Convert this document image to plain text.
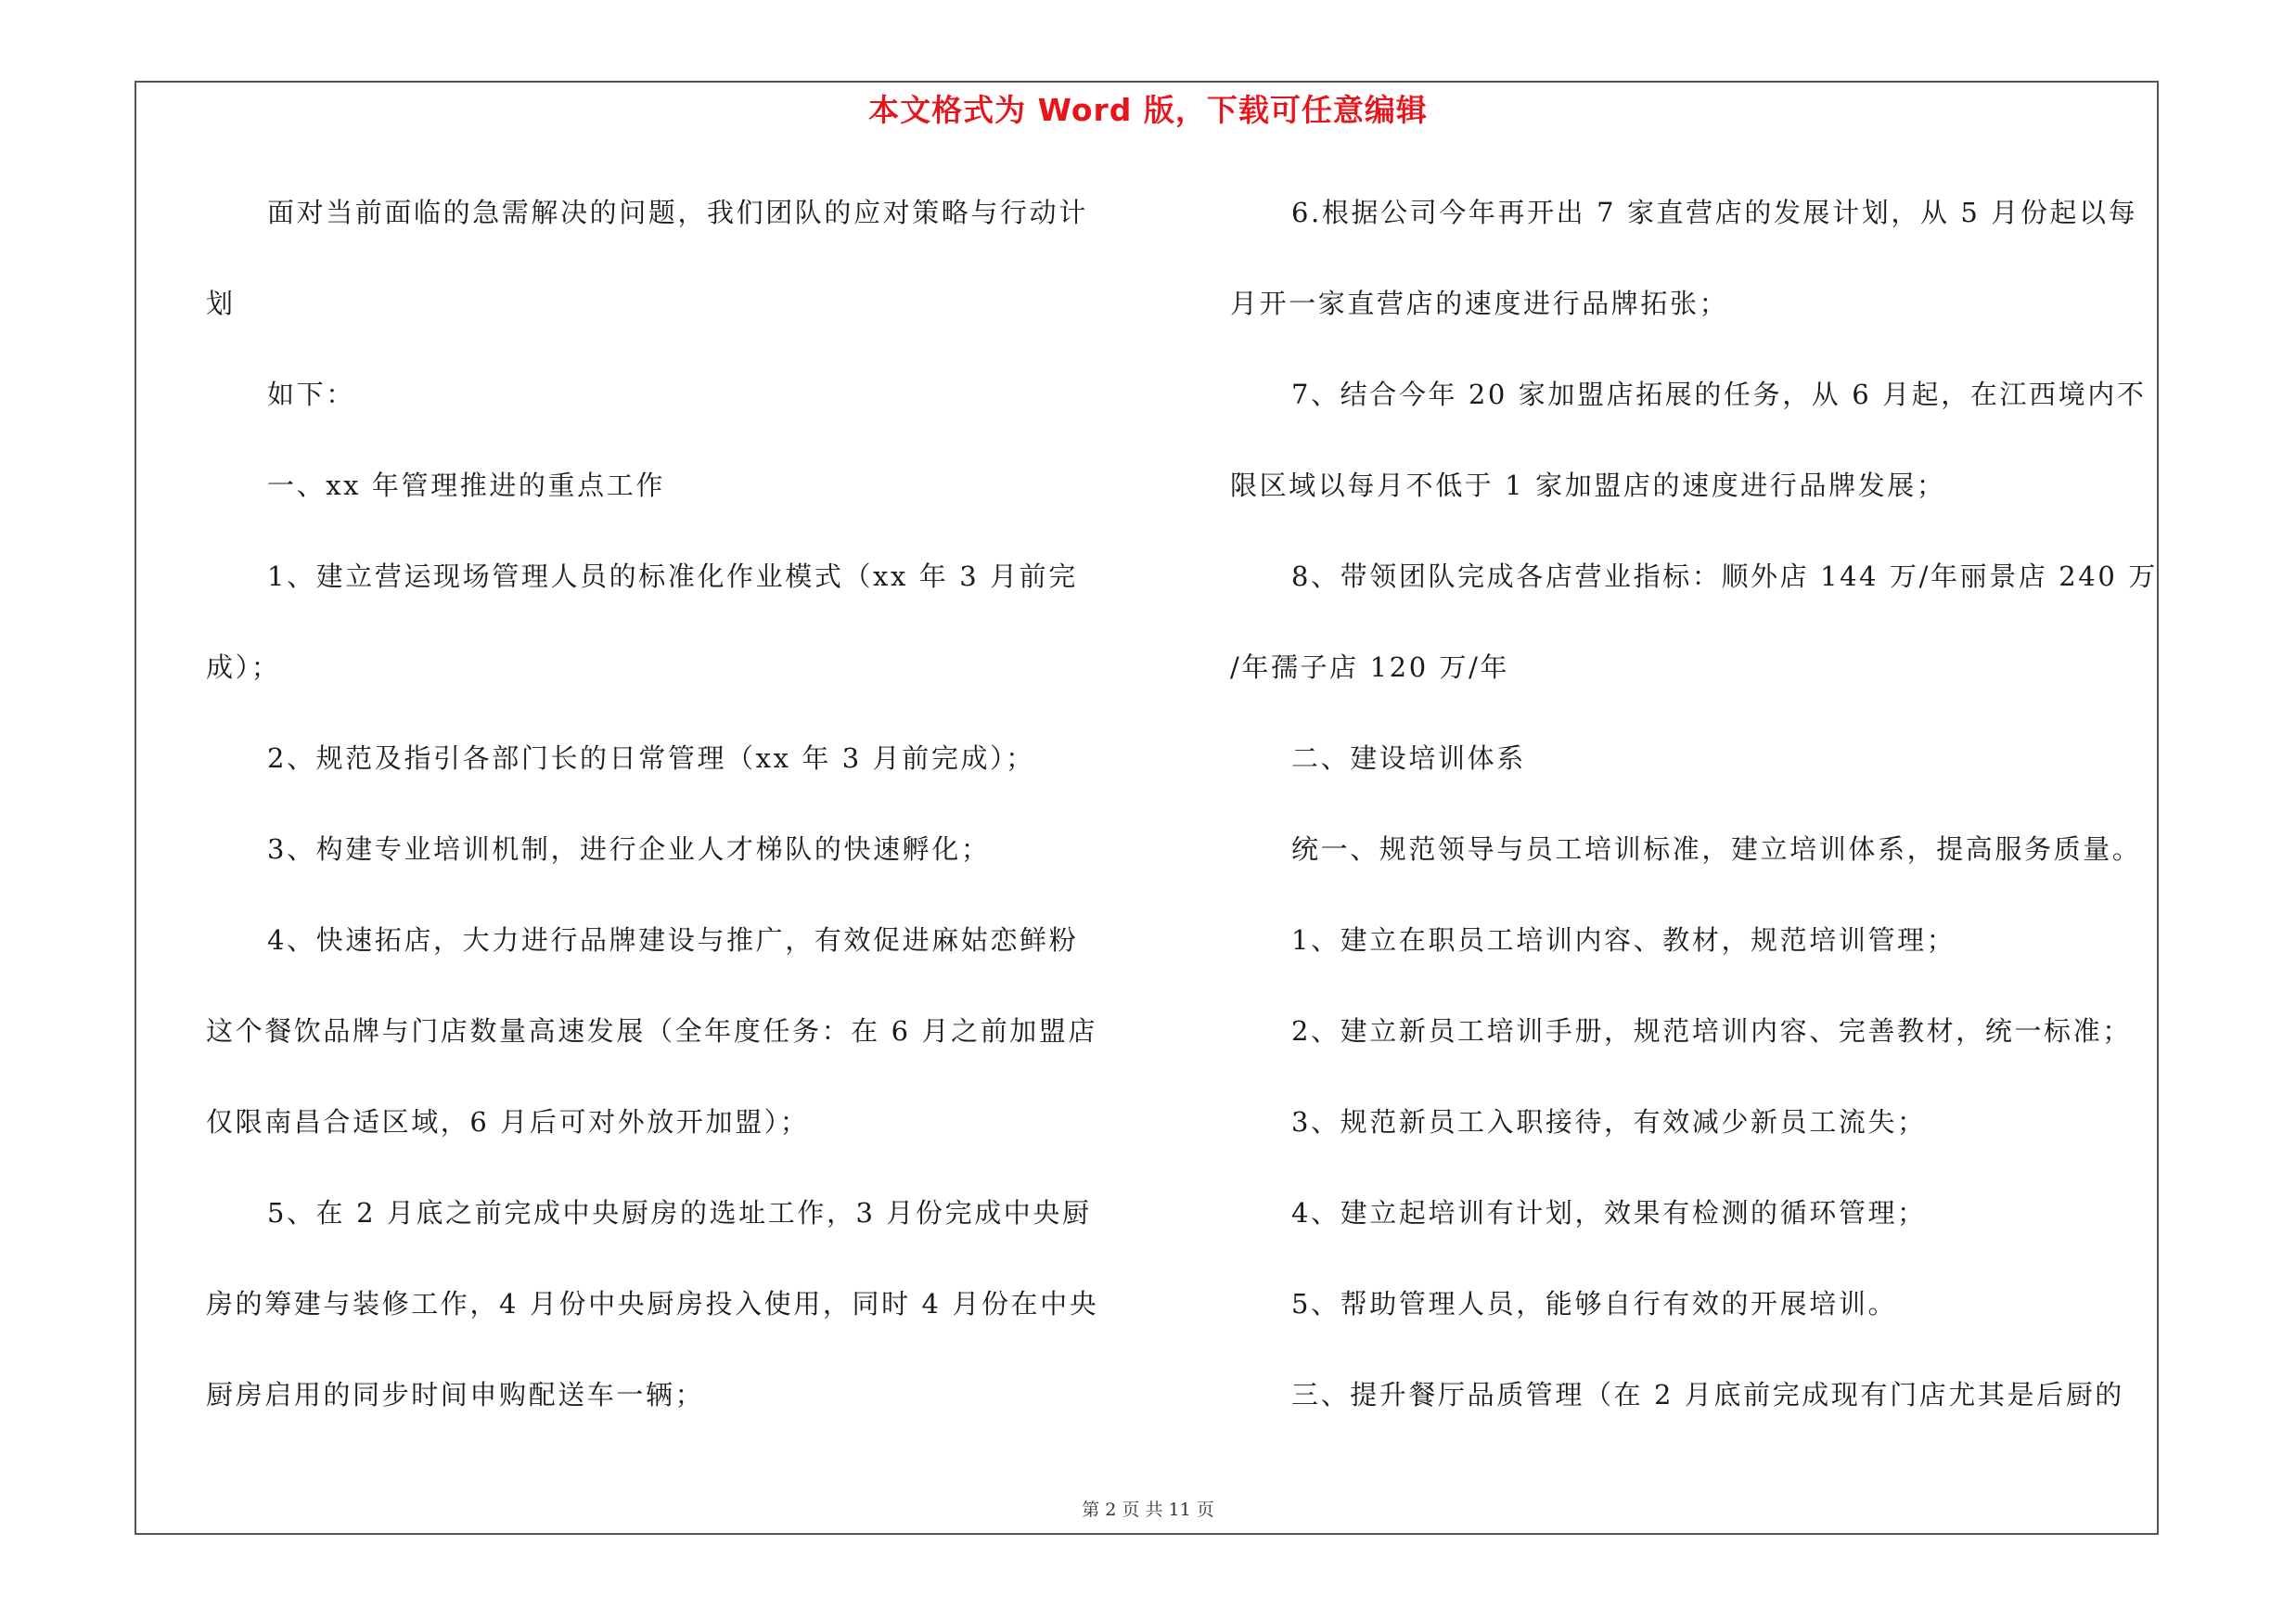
本文格式为 Word 版，下载可任意编辑
面对当前面临的急需解决的问题，我们团队的应对策略与行动计
划
如下：
一、xx 年管理推进的重点工作
1、建立营运现场管理人员的标准化作业模式（xx 年 3 月前完
成）；
2、规范及指引各部门长的日常管理（xx 年 3 月前完成）；
3、构建专业培训机制，进行企业人才梯队的快速孵化；
4、快速拓店，大力进行品牌建设与推广，有效促进麻姑恋鲜粉
这个餐饮品牌与门店数量高速发展（全年度任务：在 6 月之前加盟店
仅限南昌合适区域，6 月后可对外放开加盟）；
5、在 2 月底之前完成中央厨房的选址工作，3 月份完成中央厨
房的筹建与装修工作，4 月份中央厨房投入使用，同时 4 月份在中央
厨房启用的同步时间申购配送车一辆；
6.根据公司今年再开出 7 家直营店的发展计划，从 5 月份起以每
月开一家直营店的速度进行品牌拓张；
7、结合今年 20 家加盟店拓展的任务，从 6 月起，在江西境内不
限区域以每月不低于 1 家加盟店的速度进行品牌发展；
8、带领团队完成各店营业指标：顺外店 144 万/年丽景店 240 万
/年孺子店 120 万/年
二、建设培训体系
统一、规范领导与员工培训标准，建立培训体系，提高服务质量。
1、建立在职员工培训内容、教材，规范培训管理；
2、建立新员工培训手册，规范培训内容、完善教材，统一标准；
3、规范新员工入职接待，有效减少新员工流失；
4、建立起培训有计划，效果有检测的循环管理；
5、帮助管理人员，能够自行有效的开展培训。
三、提升餐厅品质管理（在 2 月底前完成现有门店尤其是后厨的
第 2 页 共 11 页
